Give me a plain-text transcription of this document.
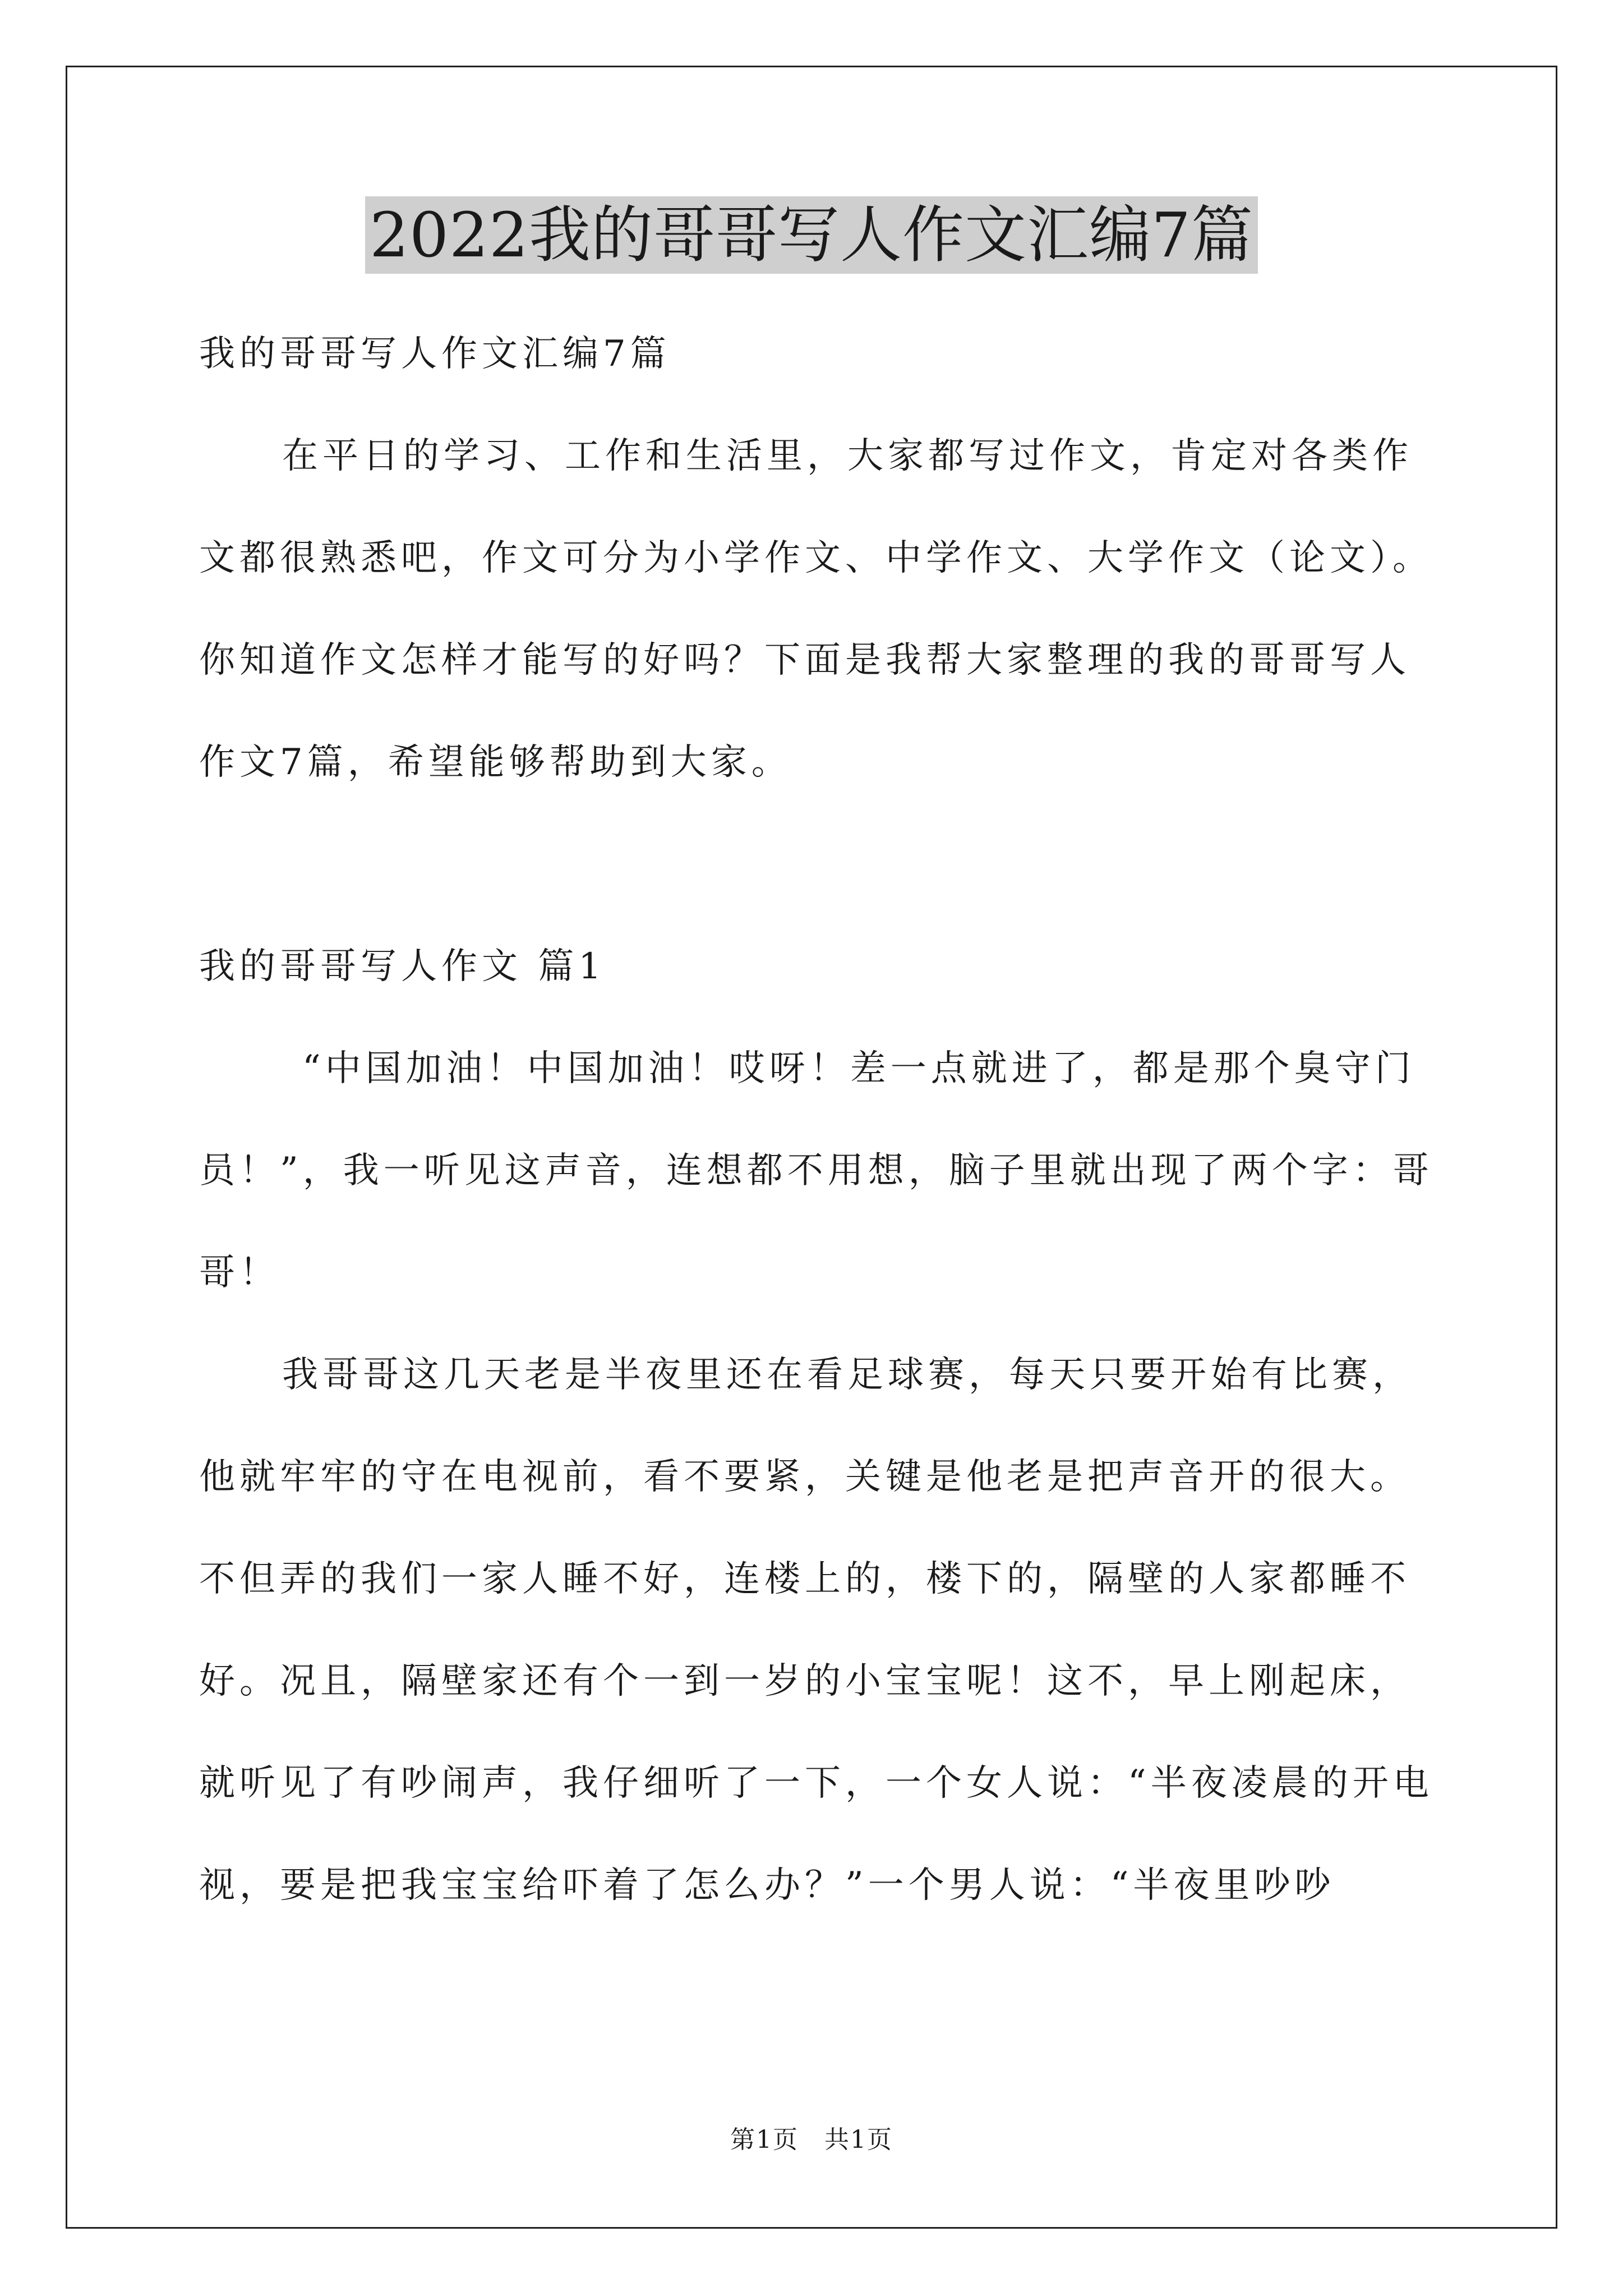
2022我的哥哥写人作文汇编7篇

我的哥哥写人作文汇编7篇

在平日的学习、工作和生活里，大家都写过作文，肯定对各类作文都很熟悉吧，作文可分为小学作文、中学作文、大学作文（论文）。你知道作文怎样才能写的好吗？下面是我帮大家整理的我的哥哥写人作文7篇，希望能够帮助到大家。

我的哥哥写人作文 篇1

“中国加油！中国加油！哎呀！差一点就进了，都是那个臭守门员！”，我一听见这声音，连想都不用想，脑子里就出现了两个字：哥哥！

我哥哥这几天老是半夜里还在看足球赛，每天只要开始有比赛，他就牢牢的守在电视前，看不要紧，关键是他老是把声音开的很大。不但弄的我们一家人睡不好，连楼上的，楼下的，隔壁的人家都睡不好。况且，隔壁家还有个一到一岁的小宝宝呢！这不，早上刚起床，就听见了有吵闹声，我仔细听了一下，一个女人说：“半夜凌晨的开电视，要是把我宝宝给吓着了怎么办？”一个男人说：“半夜里吵吵

第1页　共1页
